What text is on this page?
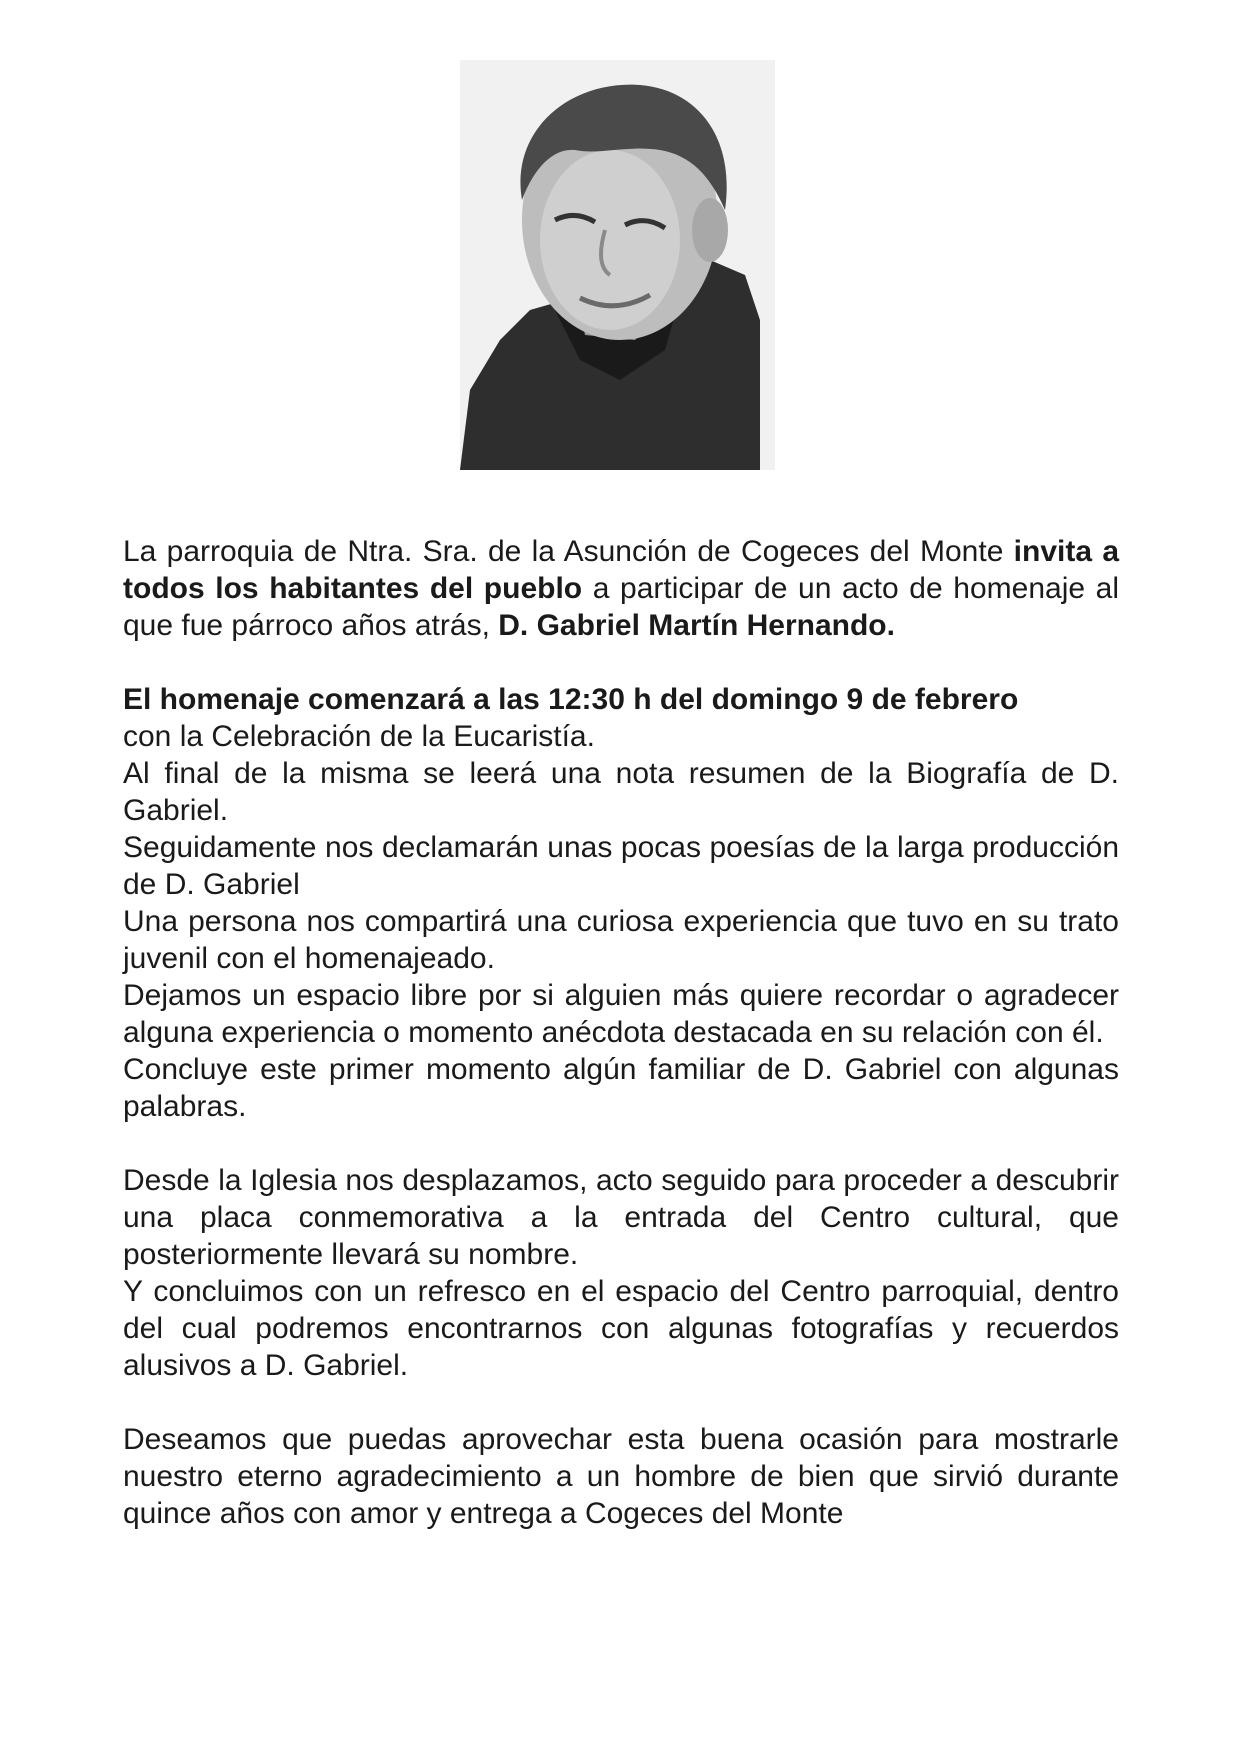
La parroquia de Ntra. Sra. de la Asunción de Cogeces del Monte invita a todos los habitantes del pueblo a participar de un acto de homenaje al que fue párroco años atrás, D. Gabriel Martín Hernando.

El homenaje comenzará a las 12:30 h del domingo 9 de febrero

con la Celebración de la Eucaristía.

Al final de la misma se leerá una nota resumen de la Biografía de D. Gabriel.

Seguidamente nos declamarán unas pocas poesías de la larga producción de D. Gabriel

Una persona nos compartirá una curiosa experiencia que tuvo en su trato juvenil con el homenajeado.

Dejamos un espacio libre por si alguien más quiere recordar o agradecer alguna experiencia o momento anécdota destacada en su relación con él.

Concluye este primer momento algún familiar de D. Gabriel con algunas palabras.

Desde la Iglesia nos desplazamos, acto seguido para proceder a descubrir una placa conmemorativa a la entrada del Centro cultural, que posteriormente llevará su nombre.

Y concluimos con un refresco en el espacio del Centro parroquial, dentro del cual podremos encontrarnos con algunas fotografías y recuerdos alusivos a D. Gabriel.

Deseamos que puedas aprovechar esta buena ocasión para mostrarle nuestro eterno agradecimiento a un hombre de bien que sirvió durante quince años con amor y entrega a Cogeces del Monte
